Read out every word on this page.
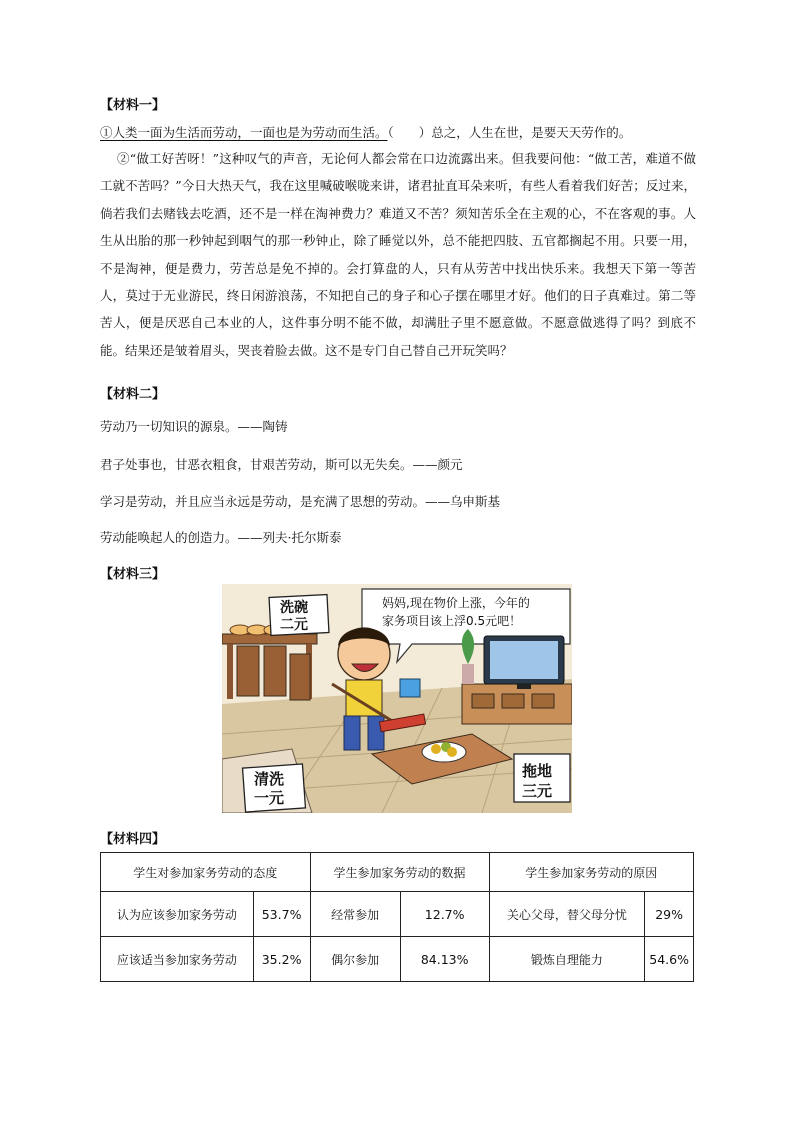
【材料一】
①人类一面为生活而劳动，一面也是为劳动而生活。（　　）总之，人生在世，是要天天劳作的。
②“做工好苦呀！”这种叹气的声音，无论何人都会常在口边流露出来。但我要问他：“做工苦，难道不做工就不苦吗？”今日大热天气，我在这里喊破喉咙来讲，诸君扯直耳朵来听，有些人看着我们好苦；反过来，倘若我们去赌钱去吃酒，还不是一样在淘神费力？难道又不苦？须知苦乐全在主观的心，不在客观的事。人生从出胎的那一秒钟起到咽气的那一秒钟止，除了睡觉以外，总不能把四肢、五官都搁起不用。只要一用，不是淘神，便是费力，劳苦总是免不掉的。会打算盘的人，只有从劳苦中找出快乐来。我想天下第一等苦人，莫过于无业游民，终日闲游浪荡，不知把自己的身子和心子摆在哪里才好。他们的日子真难过。第二等苦人，便是厌恶自己本业的人，这件事分明不能不做，却满肚子里不愿意做。不愿意做逃得了吗？到底不能。结果还是皱着眉头，哭丧着脸去做。这不是专门自己替自己开玩笑吗？
【材料二】
劳动乃一切知识的源泉。——陶铸
君子处事也，甘恶衣粗食，甘艰苦劳动，斯可以无失矣。——颜元
学习是劳动，并且应当永远是劳动，是充满了思想的劳动。——乌申斯基
劳动能唤起人的创造力。——列夫·托尔斯泰
【材料三】
妈妈,现在物价上涨，今年的
家务项目该上浮0.5元吧！
洗碗
二元
清洗
一元
拖地
三元
【材料四】
学生对参加家务劳动的态度		学生参加家务劳动的数据		学生参加家务劳动的原因	
认为应该参加家务劳动	53.7%	经常参加	12.7%	关心父母，替父母分忧	29%
应该适当参加家务劳动	35.2%	偶尔参加	84.13%	锻炼自理能力	54.6%
